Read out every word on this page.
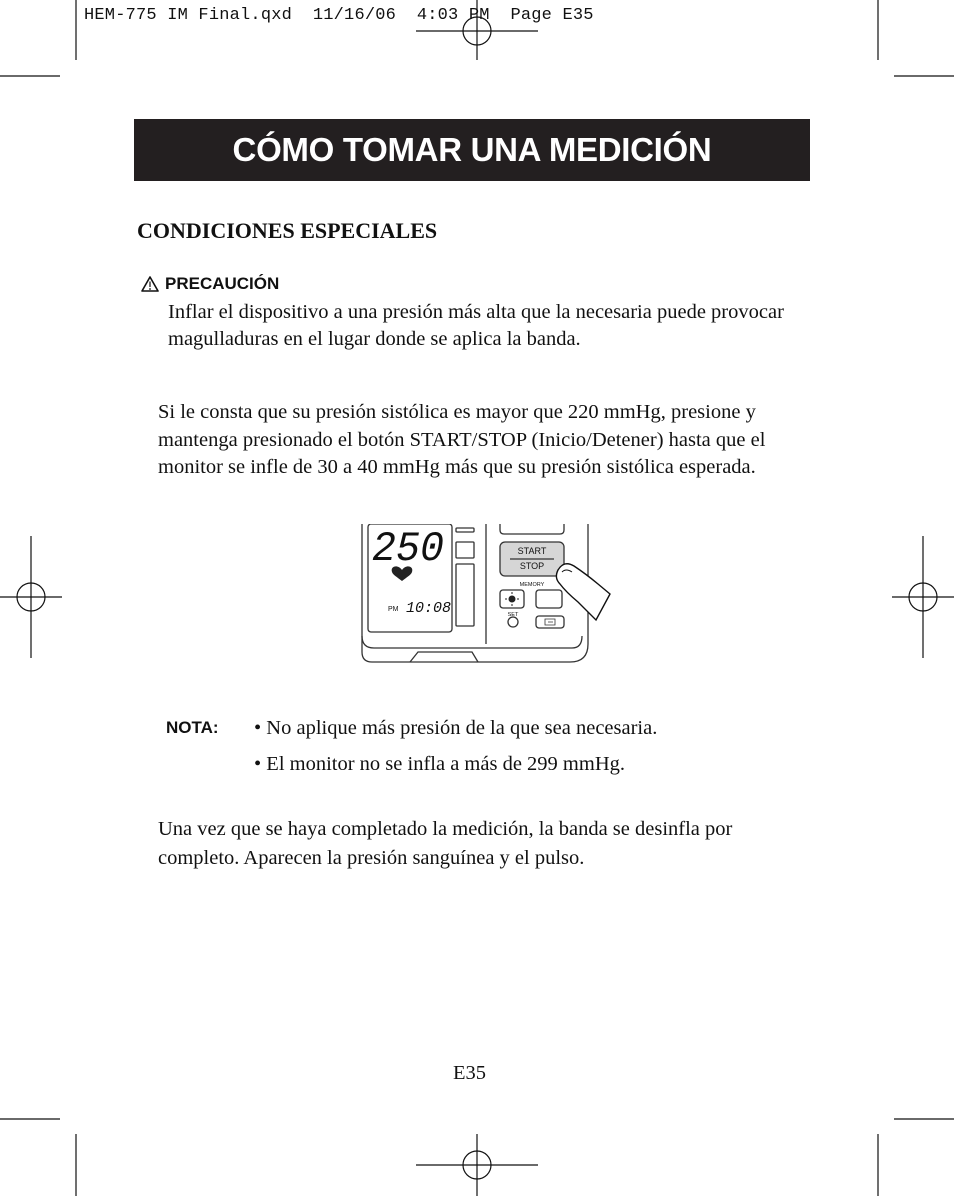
HEM-775 IM Final.qxd  11/16/06  4:03 PM  Page E35
CÓMO TOMAR UNA MEDICIÓN
CONDICIONES ESPECIALES
PRECAUCIÓN

Inflar el dispositivo a una presión más alta que la necesaria puede provocar magulladuras en el lugar donde se aplica la banda.

Si le consta que su presión sistólica es mayor que 220 mmHg, presione y mantenga presionado el botón START/STOP (Inicio/Detener) hasta que el monitor se infle de 30 a 40 mmHg más que su presión sistólica esperada.

250
PM 10:08
START
STOP
MEMORY
SET
NOTA: • No aplique más presión de la que sea necesaria.
• El monitor no se infla a más de 299 mmHg.

Una vez que se haya completado la medición, la banda se desinfla por completo. Aparecen la presión sanguínea y el pulso.

E35
